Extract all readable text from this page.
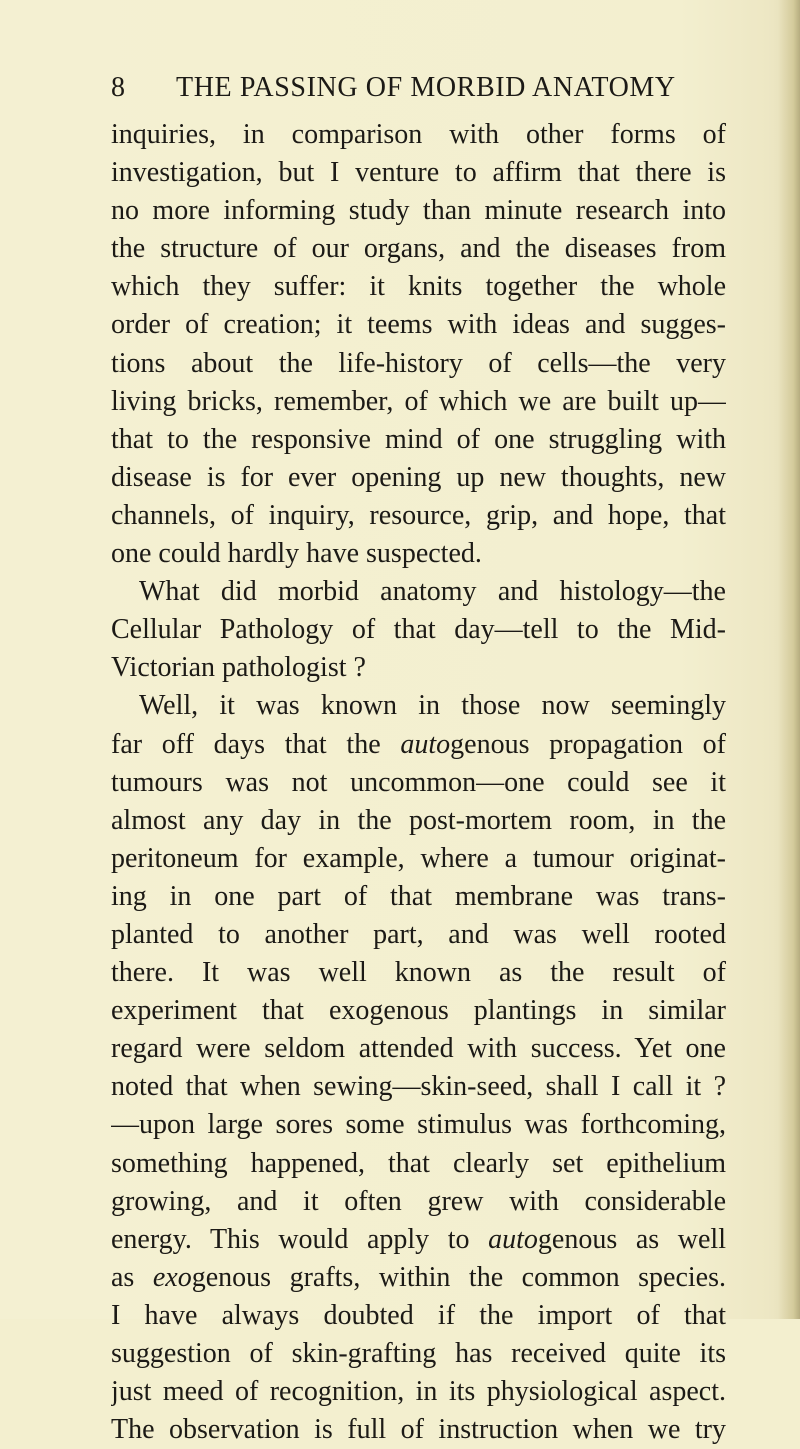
8 THE PASSING OF MORBID ANATOMY
inquiries, in comparison with other forms of
investigation, but I venture to affirm that there is
no more informing study than minute research into
the structure of our organs, and the diseases from
which they suffer: it knits together the whole
order of creation; it teems with ideas and sugges-
tions about the life-history of cells—the very
living bricks, remember, of which we are built up—
that to the responsive mind of one struggling with
disease is for ever opening up new thoughts, new
channels, of inquiry, resource, grip, and hope, that
one could hardly have suspected.
What did morbid anatomy and histology—the
Cellular Pathology of that day—tell to the Mid-
Victorian pathologist ?
Well, it was known in those now seemingly
far off days that the autogenous propagation of
tumours was not uncommon—one could see it
almost any day in the post-mortem room, in the
peritoneum for example, where a tumour originat-
ing in one part of that membrane was trans-
planted to another part, and was well rooted
there. It was well known as the result of
experiment that exogenous plantings in similar
regard were seldom attended with success. Yet one
noted that when sewing—skin-seed, shall I call it ?
—upon large sores some stimulus was forthcoming,
something happened, that clearly set epithelium
growing, and it often grew with considerable
energy. This would apply to autogenous as well
as exogenous grafts, within the common species.
I have always doubted if the import of that
suggestion of skin-grafting has received quite its
just meed of recognition, in its physiological aspect.
The observation is full of instruction when we try
